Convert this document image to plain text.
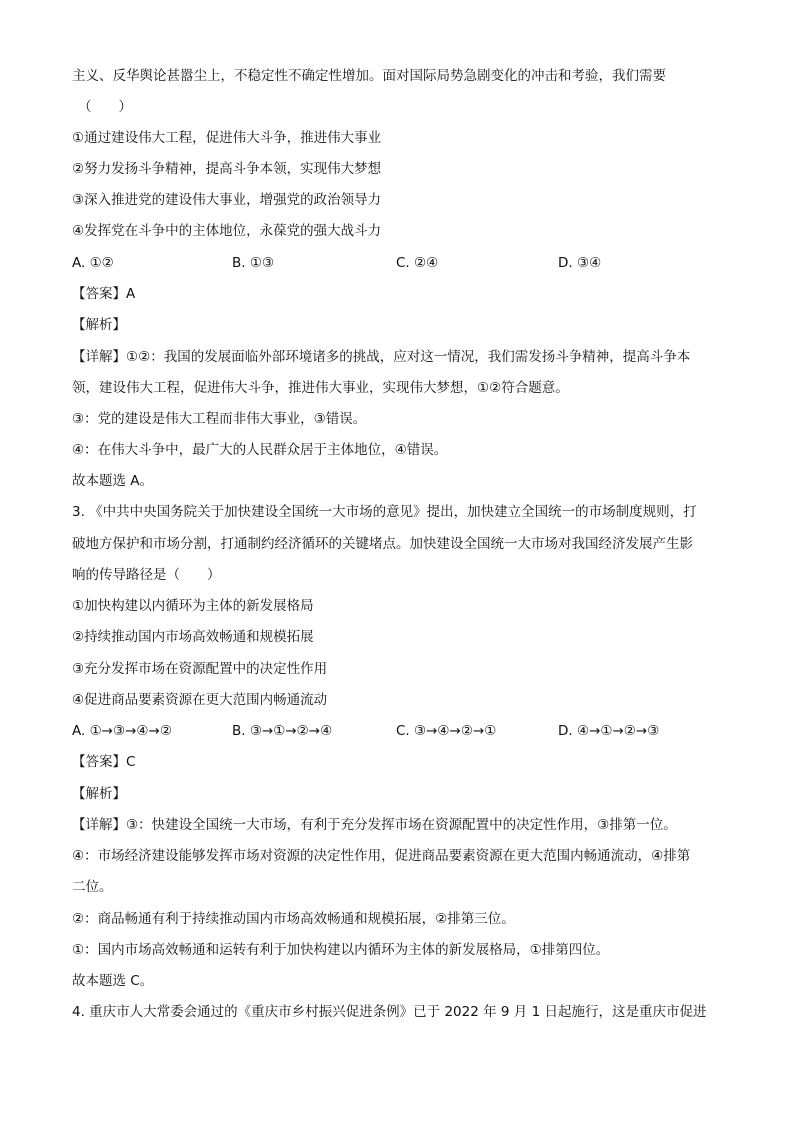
主义、反华舆论甚嚣尘上，不稳定性不确定性增加。面对国际局势急剧变化的冲击和考验，我们需要
（　　）
①通过建设伟大工程，促进伟大斗争，推进伟大事业
②努力发扬斗争精神，提高斗争本领，实现伟大梦想
③深入推进党的建设伟大事业，增强党的政治领导力
④发挥党在斗争中的主体地位，永葆党的强大战斗力
A. ①②	B. ①③	C. ②④	D. ③④
【答案】A
【解析】
【详解】①②：我国的发展面临外部环境诸多的挑战，应对这一情况，我们需发扬斗争精神，提高斗争本
领，建设伟大工程，促进伟大斗争，推进伟大事业，实现伟大梦想，①②符合题意。
③：党的建设是伟大工程而非伟大事业，③错误。
④：在伟大斗争中，最广大的人民群众居于主体地位，④错误。
故本题选 A。
3. 《中共中央国务院关于加快建设全国统一大市场的意见》提出，加快建立全国统一的市场制度规则，打
破地方保护和市场分割，打通制约经济循环的关键堵点。加快建设全国统一大市场对我国经济发展产生影
响的传导路径是（　　）
①加快构建以内循环为主体的新发展格局
②持续推动国内市场高效畅通和规模拓展
③充分发挥市场在资源配置中的决定性作用
④促进商品要素资源在更大范围内畅通流动
A. ①→③→④→②	B. ③→①→②→④	C. ③→④→②→①	D. ④→①→②→③
【答案】C
【解析】
【详解】③：快建设全国统一大市场，有利于充分发挥市场在资源配置中的决定性作用，③排第一位。
④：市场经济建设能够发挥市场对资源的决定性作用，促进商品要素资源在更大范围内畅通流动，④排第
二位。
②：商品畅通有利于持续推动国内市场高效畅通和规模拓展，②排第三位。
①：国内市场高效畅通和运转有利于加快构建以内循环为主体的新发展格局，①排第四位。
故本题选 C。
4. 重庆市人大常委会通过的《重庆市乡村振兴促进条例》已于 2022 年 9 月 1 日起施行，这是重庆市促进
